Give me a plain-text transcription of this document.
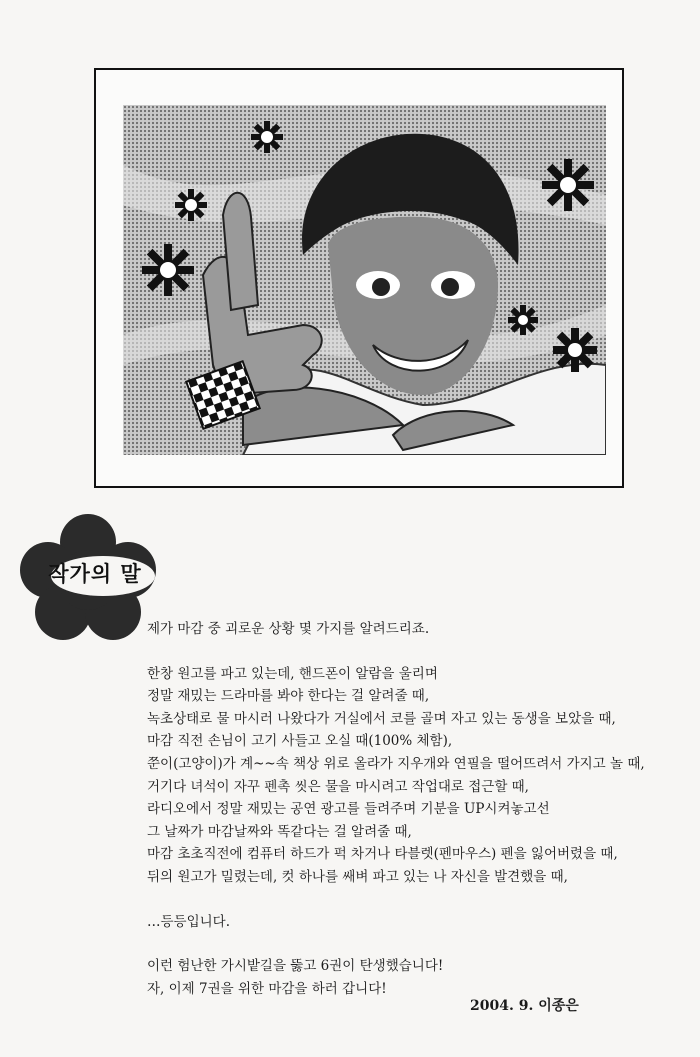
작가의 말

제가 마감 중 괴로운 상황 몇 가지를 알려드리죠.

한창 원고를 파고 있는데, 핸드폰이 알람을 울리며

정말 재밌는 드라마를 봐야 한다는 걸 알려줄 때,

녹초상태로 물 마시러 나왔다가 거실에서 코를 골며 자고 있는 동생을 보았을 때,

마감 직전 손님이 고기 사들고 오실 때(100% 체함),

쭌이(고양이)가 계~~속 책상 위로 올라가 지우개와 연필을 떨어뜨려서 가지고 놀 때,

거기다 녀석이 자꾸 펜촉 씻은 물을 마시려고 작업대로 접근할 때,

라디오에서 정말 재밌는 공연 광고를 들려주며 기분을 UP시켜놓고선

그 날짜가 마감날짜와 똑같다는 걸 알려줄 때,

마감 초초직전에 컴퓨터 하드가 퍽 차거나 타블렛(펜마우스) 펜을 잃어버렸을 때,

뒤의 원고가 밀렸는데, 컷 하나를 쌔벼 파고 있는 나 자신을 발견했을 때,

…등등입니다.

이런 험난한 가시밭길을 뚫고 6권이 탄생했습니다!

자, 이제 7권을 위한 마감을 하러 갑니다!

2004. 9. 이종은
